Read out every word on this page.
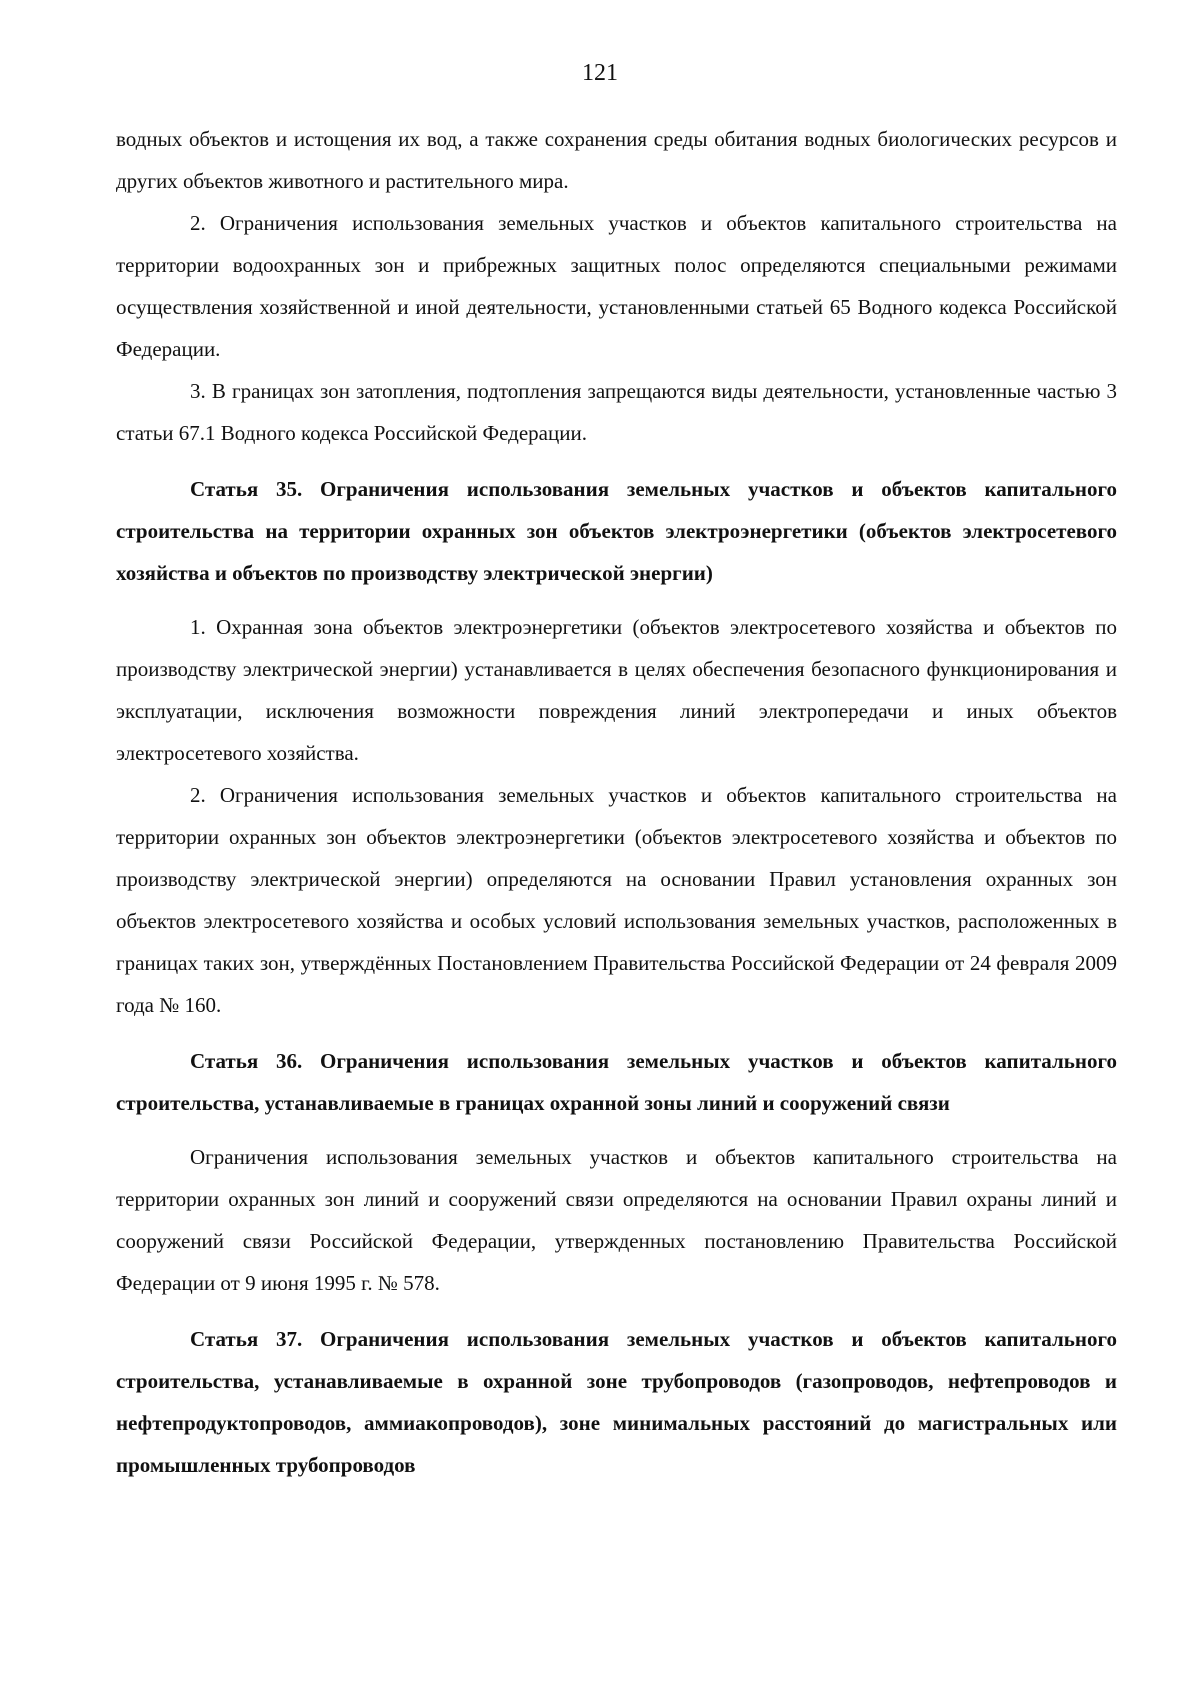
121

водных объектов и истощения их вод, а также сохранения среды обитания водных биологических ресурсов и других объектов животного и растительного мира.

2. Ограничения использования земельных участков и объектов капитального строительства на территории водоохранных зон и прибрежных защитных полос определяются специальными режимами осуществления хозяйственной и иной деятельности, установленными статьей 65 Водного кодекса Российской Федерации.

3. В границах зон затопления, подтопления запрещаются виды деятельности, установленные частью 3 статьи 67.1 Водного кодекса Российской Федерации.

Статья 35. Ограничения использования земельных участков и объектов капитального строительства на территории охранных зон объектов электроэнергетики (объектов электросетевого хозяйства и объектов по производству электрической энергии)

1. Охранная зона объектов электроэнергетики (объектов электросетевого хозяйства и объектов по производству электрической энергии) устанавливается в целях обеспечения безопасного функционирования и эксплуатации, исключения возможности повреждения линий электропередачи и иных объектов электросетевого хозяйства.

2. Ограничения использования земельных участков и объектов капитального строительства на территории охранных зон объектов электроэнергетики (объектов электросетевого хозяйства и объектов по производству электрической энергии) определяются на основании Правил установления охранных зон объектов электросетевого хозяйства и особых условий использования земельных участков, расположенных в границах таких зон, утверждённых Постановлением Правительства Российской Федерации от 24 февраля 2009 года № 160.

Статья 36. Ограничения использования земельных участков и объектов капитального строительства, устанавливаемые в границах охранной зоны линий и сооружений связи

Ограничения использования земельных участков и объектов капитального строительства на территории охранных зон линий и сооружений связи определяются на основании Правил охраны линий и сооружений связи Российской Федерации, утвержденных постановлению Правительства Российской Федерации от 9 июня 1995 г. № 578.

Статья 37. Ограничения использования земельных участков и объектов капитального строительства, устанавливаемые в охранной зоне трубопроводов (газопроводов, нефтепроводов и нефтепродуктопроводов, аммиакопроводов), зоне минимальных расстояний до магистральных или промышленных трубопроводов
